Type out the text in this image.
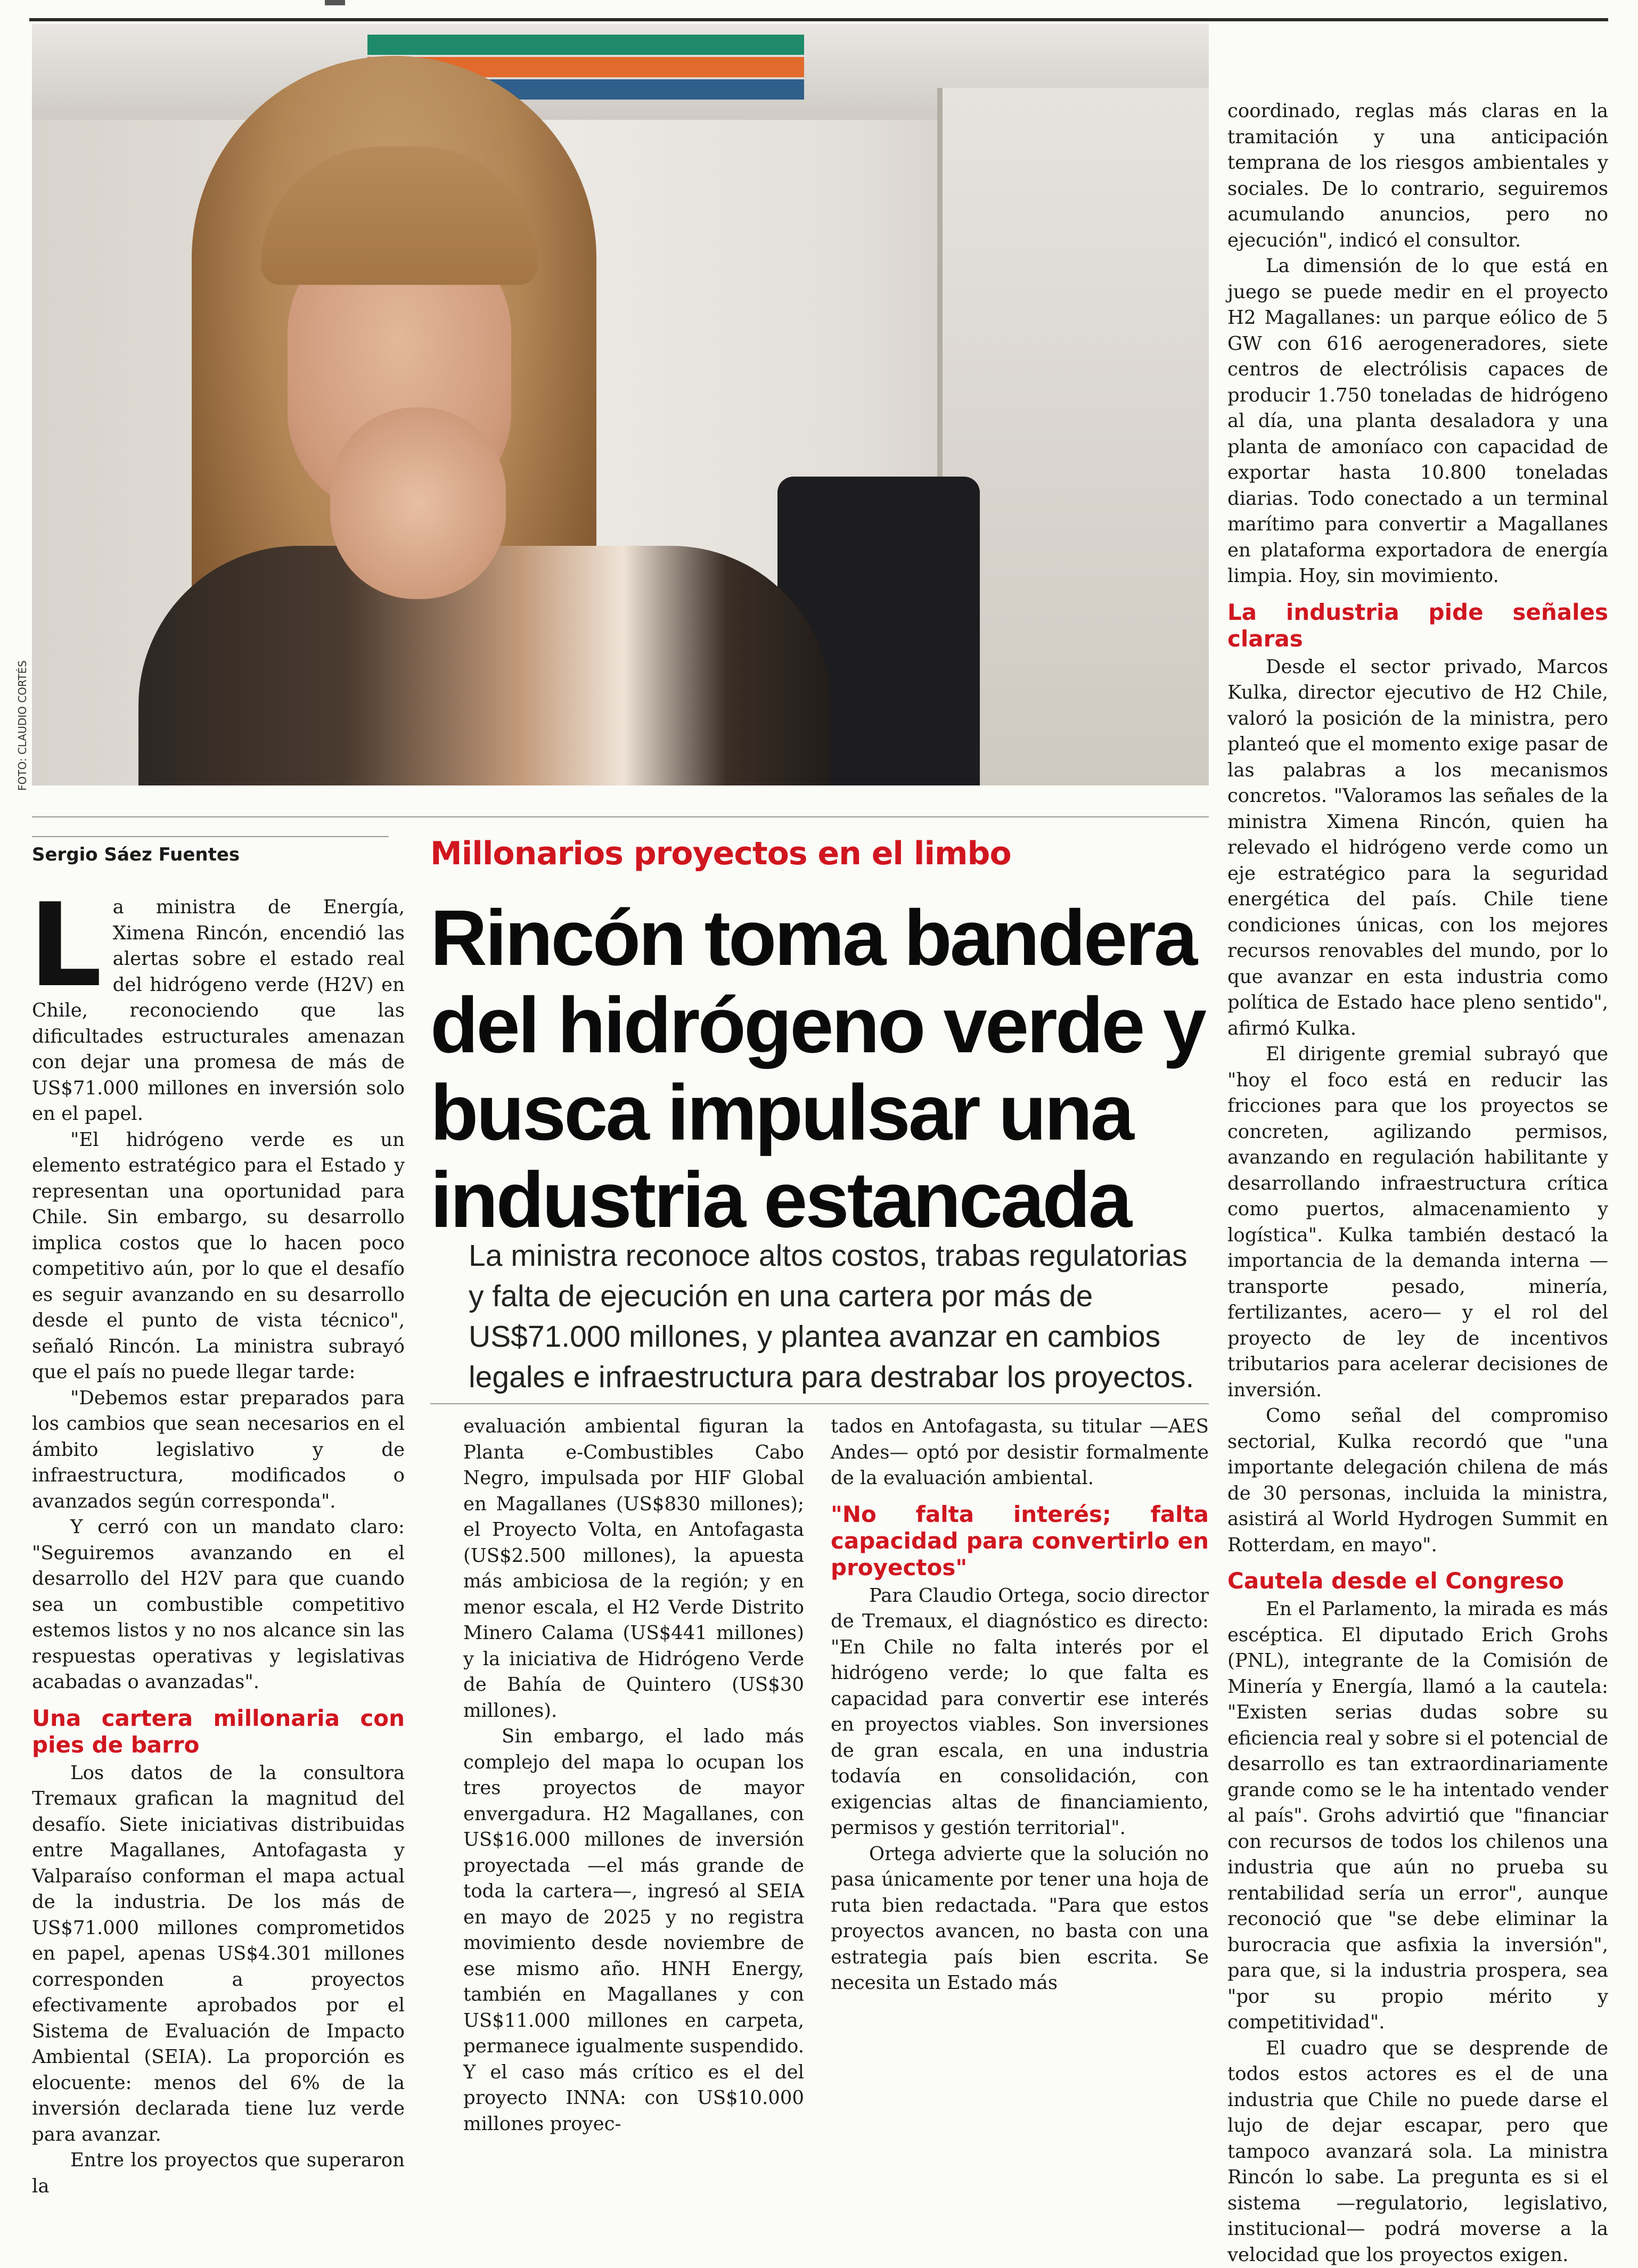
FOTO: CLAUDIO CORTÉS
Sergio Sáez Fuentes	Millonarios proyectos en el limbo
Rincón toma bandera del hidrógeno verde y busca impulsar una industria estancada
La ministra reconoce altos costos, trabas regulatorias y falta de ejecución en una cartera por más de US$71.000 millones, y plantea avanzar en cambios legales e infraestructura para destrabar los proyectos.

La ministra de Energía, Ximena Rincón, encendió las alertas sobre el estado real del hidrógeno verde (H2V) en Chile, reconociendo que las dificultades estructurales amenazan con dejar una promesa de más de US$71.000 millones en inversión solo en el papel.

"El hidrógeno verde es un elemento estratégico para el Estado y representan una oportunidad para Chile. Sin embargo, su desarrollo implica costos que lo hacen poco competitivo aún, por lo que el desafío es seguir avanzando en su desarrollo desde el punto de vista técnico", señaló Rincón. La ministra subrayó que el país no puede llegar tarde:

"Debemos estar preparados para los cambios que sean necesarios en el ámbito legislativo y de infraestructura, modificados o avanzados según corresponda".

Y cerró con un mandato claro: "Seguiremos avanzando en el desarrollo del H2V para que cuando sea un combustible competitivo estemos listos y no nos alcance sin las respuestas operativas y legislativas acabadas o avanzadas".

Una cartera millonaria con pies de barro

Los datos de la consultora Tremaux grafican la magnitud del desafío. Siete iniciativas distribuidas entre Magallanes, Antofagasta y Valparaíso conforman el mapa actual de la industria. De los más de US$71.000 millones comprometidos en papel, apenas US$4.301 millones corresponden a proyectos efectivamente aprobados por el Sistema de Evaluación de Impacto Ambiental (SEIA). La proporción es elocuente: menos del 6% de la inversión declarada tiene luz verde para avanzar.

Entre los proyectos que superaron la

evaluación ambiental figuran la Planta e-Combustibles Cabo Negro, impulsada por HIF Global en Magallanes (US$830 millones); el Proyecto Volta, en Antofagasta (US$2.500 millones), la apuesta más ambiciosa de la región; y en menor escala, el H2 Verde Distrito Minero Calama (US$441 millones) y la iniciativa de Hidrógeno Verde de Bahía de Quintero (US$30 millones).

Sin embargo, el lado más complejo del mapa lo ocupan los tres proyectos de mayor envergadura. H2 Magallanes, con US$16.000 millones de inversión proyectada —el más grande de toda la cartera—, ingresó al SEIA en mayo de 2025 y no registra movimiento desde noviembre de ese mismo año. HNH Energy, también en Magallanes y con US$11.000 millones en carpeta, permanece igualmente suspendido. Y el caso más crítico es el del proyecto INNA: con US$10.000 millones proyec-

tados en Antofagasta, su titular —AES Andes— optó por desistir formalmente de la evaluación ambiental.

"No falta interés; falta capacidad para convertirlo en proyectos"

Para Claudio Ortega, socio director de Tremaux, el diagnóstico es directo: "En Chile no falta interés por el hidrógeno verde; lo que falta es capacidad para convertir ese interés en proyectos viables. Son inversiones de gran escala, en una industria todavía en consolidación, con exigencias altas de financiamiento, permisos y gestión territorial".

Ortega advierte que la solución no pasa únicamente por tener una hoja de ruta bien redactada. "Para que estos proyectos avancen, no basta con una estrategia país bien escrita. Se necesita un Estado más

coordinado, reglas más claras en la tramitación y una anticipación temprana de los riesgos ambientales y sociales. De lo contrario, seguiremos acumulando anuncios, pero no ejecución", indicó el consultor.

La dimensión de lo que está en juego se puede medir en el proyecto H2 Magallanes: un parque eólico de 5 GW con 616 aerogeneradores, siete centros de electrólisis capaces de producir 1.750 toneladas de hidrógeno al día, una planta desaladora y una planta de amoníaco con capacidad de exportar hasta 10.800 toneladas diarias. Todo conectado a un terminal marítimo para convertir a Magallanes en plataforma exportadora de energía limpia. Hoy, sin movimiento.

La industria pide señales claras

Desde el sector privado, Marcos Kulka, director ejecutivo de H2 Chile, valoró la posición de la ministra, pero planteó que el momento exige pasar de las palabras a los mecanismos concretos. "Valoramos las señales de la ministra Ximena Rincón, quien ha relevado el hidrógeno verde como un eje estratégico para la seguridad energética del país. Chile tiene condiciones únicas, con los mejores recursos renovables del mundo, por lo que avanzar en esta industria como política de Estado hace pleno sentido", afirmó Kulka.

El dirigente gremial subrayó que "hoy el foco está en reducir las fricciones para que los proyectos se concreten, agilizando permisos, avanzando en regulación habilitante y desarrollando infraestructura crítica como puertos, almacenamiento y logística". Kulka también destacó la importancia de la demanda interna —transporte pesado, minería, fertilizantes, acero— y el rol del proyecto de ley de incentivos tributarios para acelerar decisiones de inversión.

Como señal del compromiso sectorial, Kulka recordó que "una importante delegación chilena de más de 30 personas, incluida la ministra, asistirá al World Hydrogen Summit en Rotterdam, en mayo".

Cautela desde el Congreso

En el Parlamento, la mirada es más escéptica. El diputado Erich Grohs (PNL), integrante de la Comisión de Minería y Energía, llamó a la cautela: "Existen serias dudas sobre su eficiencia real y sobre si el potencial de desarrollo es tan extraordinariamente grande como se le ha intentado vender al país". Grohs advirtió que "financiar con recursos de todos los chilenos una industria que aún no prueba su rentabilidad sería un error", aunque reconoció que "se debe eliminar la burocracia que asfixia la inversión", para que, si la industria prospera, sea "por su propio mérito y competitividad".

El cuadro que se desprende de todos estos actores es el de una industria que Chile no puede darse el lujo de dejar escapar, pero que tampoco avanzará sola. La ministra Rincón lo sabe. La pregunta es si el sistema —regulatorio, legislativo, institucional— podrá moverse a la velocidad que los proyectos exigen.
